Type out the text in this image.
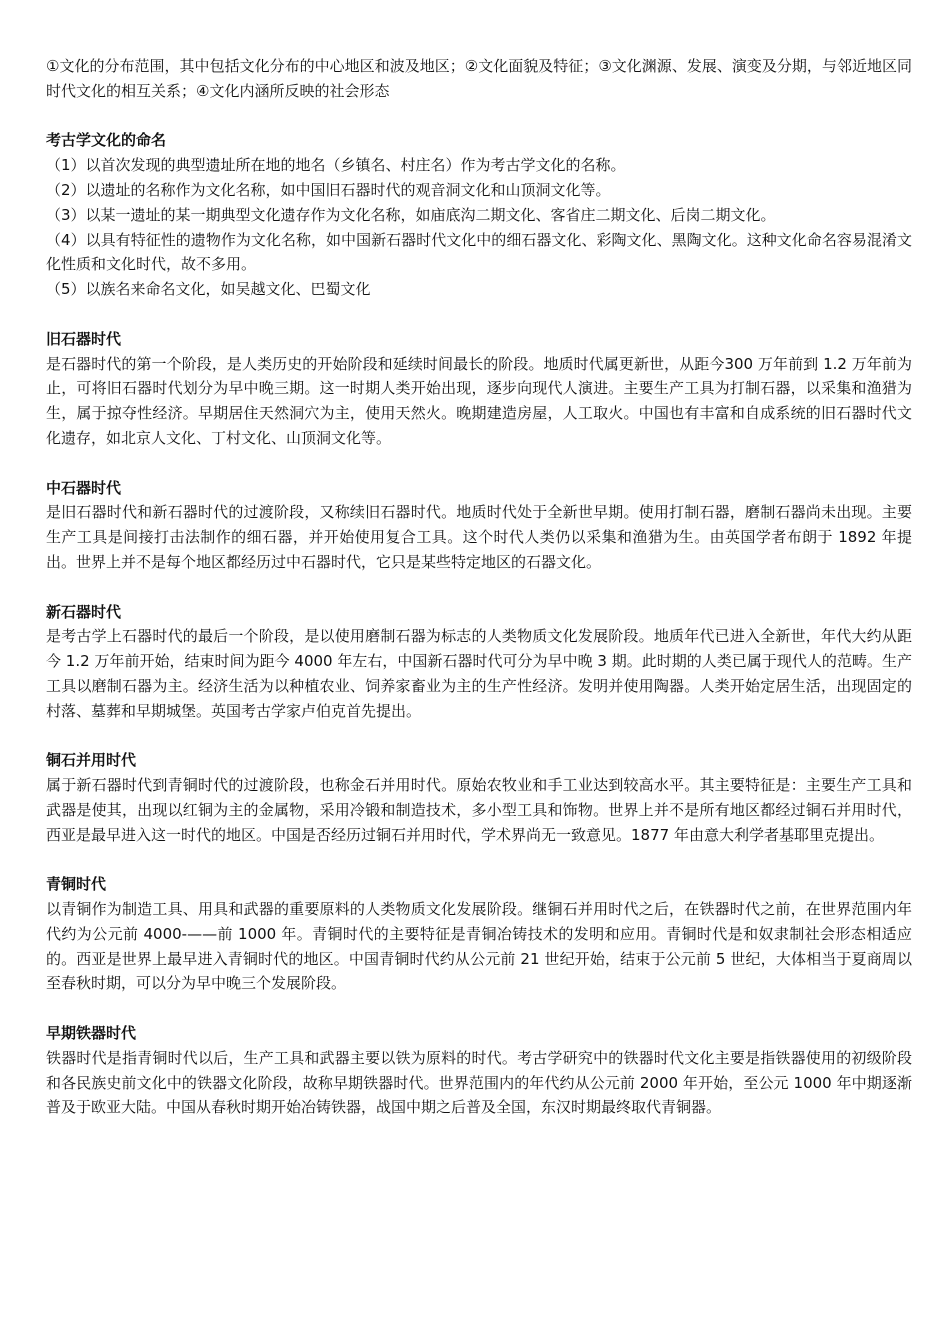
①文化的分布范围，其中包括文化分布的中心地区和波及地区；②文化面貌及特征；③文化渊源、发展、演变及分期，与邻近地区同时代文化的相互关系；④文化内涵所反映的社会形态

考古学文化的命名

（1）以首次发现的典型遗址所在地的地名（乡镇名、村庄名）作为考古学文化的名称。

（2）以遗址的名称作为文化名称，如中国旧石器时代的观音洞文化和山顶洞文化等。

（3）以某一遗址的某一期典型文化遗存作为文化名称，如庙底沟二期文化、客省庄二期文化、后岗二期文化。

（4）以具有特征性的遗物作为文化名称，如中国新石器时代文化中的细石器文化、彩陶文化、黑陶文化。这种文化命名容易混淆文化性质和文化时代，故不多用。

（5）以族名来命名文化，如吴越文化、巴蜀文化

旧石器时代

是石器时代的第一个阶段，是人类历史的开始阶段和延续时间最长的阶段。地质时代属更新世，从距今300 万年前到 1.2 万年前为止，可将旧石器时代划分为早中晚三期。这一时期人类开始出现，逐步向现代人演进。主要生产工具为打制石器，以采集和渔猎为生，属于掠夺性经济。早期居住天然洞穴为主，使用天然火。晚期建造房屋，人工取火。中国也有丰富和自成系统的旧石器时代文化遗存，如北京人文化、丁村文化、山顶洞文化等。

中石器时代

是旧石器时代和新石器时代的过渡阶段，又称续旧石器时代。地质时代处于全新世早期。使用打制石器，磨制石器尚未出现。主要生产工具是间接打击法制作的细石器，并开始使用复合工具。这个时代人类仍以采集和渔猎为生。由英国学者布朗于 1892 年提出。世界上并不是每个地区都经历过中石器时代，它只是某些特定地区的石器文化。

新石器时代

是考古学上石器时代的最后一个阶段，是以使用磨制石器为标志的人类物质文化发展阶段。地质年代已进入全新世，年代大约从距今 1.2 万年前开始，结束时间为距今 4000 年左右，中国新石器时代可分为早中晚 3 期。此时期的人类已属于现代人的范畴。生产工具以磨制石器为主。经济生活为以种植农业、饲养家畜业为主的生产性经济。发明并使用陶器。人类开始定居生活，出现固定的村落、墓葬和早期城堡。英国考古学家卢伯克首先提出。

铜石并用时代

属于新石器时代到青铜时代的过渡阶段，也称金石并用时代。原始农牧业和手工业达到较高水平。其主要特征是：主要生产工具和武器是使其，出现以红铜为主的金属物，采用冷锻和制造技术，多小型工具和饰物。世界上并不是所有地区都经过铜石并用时代，西亚是最早进入这一时代的地区。中国是否经历过铜石并用时代，学术界尚无一致意见。1877 年由意大利学者基耶里克提出。

青铜时代

以青铜作为制造工具、用具和武器的重要原料的人类物质文化发展阶段。继铜石并用时代之后，在铁器时代之前，在世界范围内年代约为公元前 4000-——前 1000 年。青铜时代的主要特征是青铜冶铸技术的发明和应用。青铜时代是和奴隶制社会形态相适应的。西亚是世界上最早进入青铜时代的地区。中国青铜时代约从公元前 21 世纪开始，结束于公元前 5 世纪，大体相当于夏商周以至春秋时期，可以分为早中晚三个发展阶段。

早期铁器时代

铁器时代是指青铜时代以后，生产工具和武器主要以铁为原料的时代。考古学研究中的铁器时代文化主要是指铁器使用的初级阶段和各民族史前文化中的铁器文化阶段，故称早期铁器时代。世界范围内的年代约从公元前 2000 年开始，至公元 1000 年中期逐渐普及于欧亚大陆。中国从春秋时期开始冶铸铁器，战国中期之后普及全国，东汉时期最终取代青铜器。
